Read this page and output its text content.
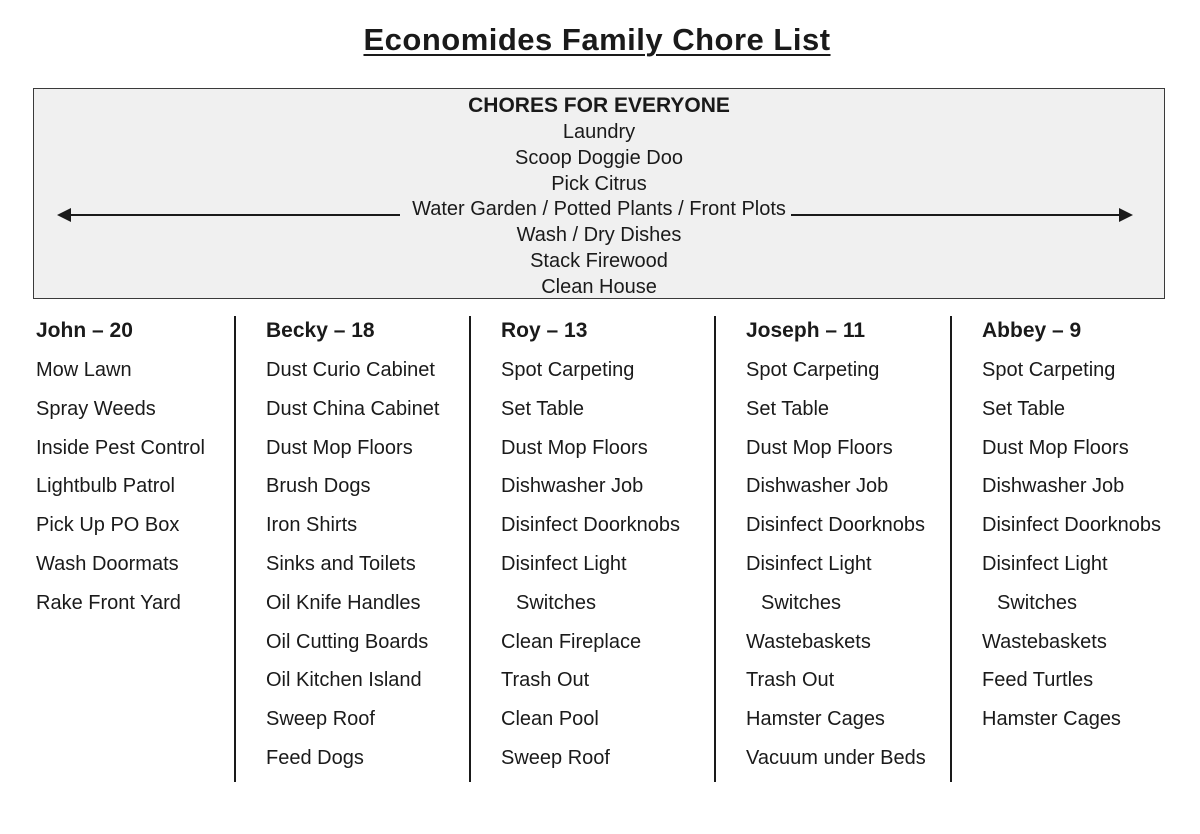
Economides Family Chore List
CHORES FOR EVERYONE
Laundry
Scoop Doggie Doo
Pick Citrus
Water Garden / Potted Plants / Front Plots
Wash / Dry Dishes
Stack Firewood
Clean House
John – 20
Mow Lawn
Spray Weeds
Inside Pest Control
Lightbulb Patrol
Pick Up PO Box
Wash Doormats
Rake Front Yard
Becky – 18
Dust Curio Cabinet
Dust China Cabinet
Dust Mop Floors
Brush Dogs
Iron Shirts
Sinks and Toilets
Oil Knife Handles
Oil Cutting Boards
Oil Kitchen Island
Sweep Roof
Feed Dogs
Roy – 13
Spot Carpeting
Set Table
Dust Mop Floors
Dishwasher Job
Disinfect Doorknobs
Disinfect Light
Switches
Clean Fireplace
Trash Out
Clean Pool
Sweep Roof
Joseph – 11
Spot Carpeting
Set Table
Dust Mop Floors
Dishwasher Job
Disinfect Doorknobs
Disinfect Light
Switches
Wastebaskets
Trash Out
Hamster Cages
Vacuum under Beds
Abbey – 9
Spot Carpeting
Set Table
Dust Mop Floors
Dishwasher Job
Disinfect Doorknobs
Disinfect Light
Switches
Wastebaskets
Feed Turtles
Hamster Cages
